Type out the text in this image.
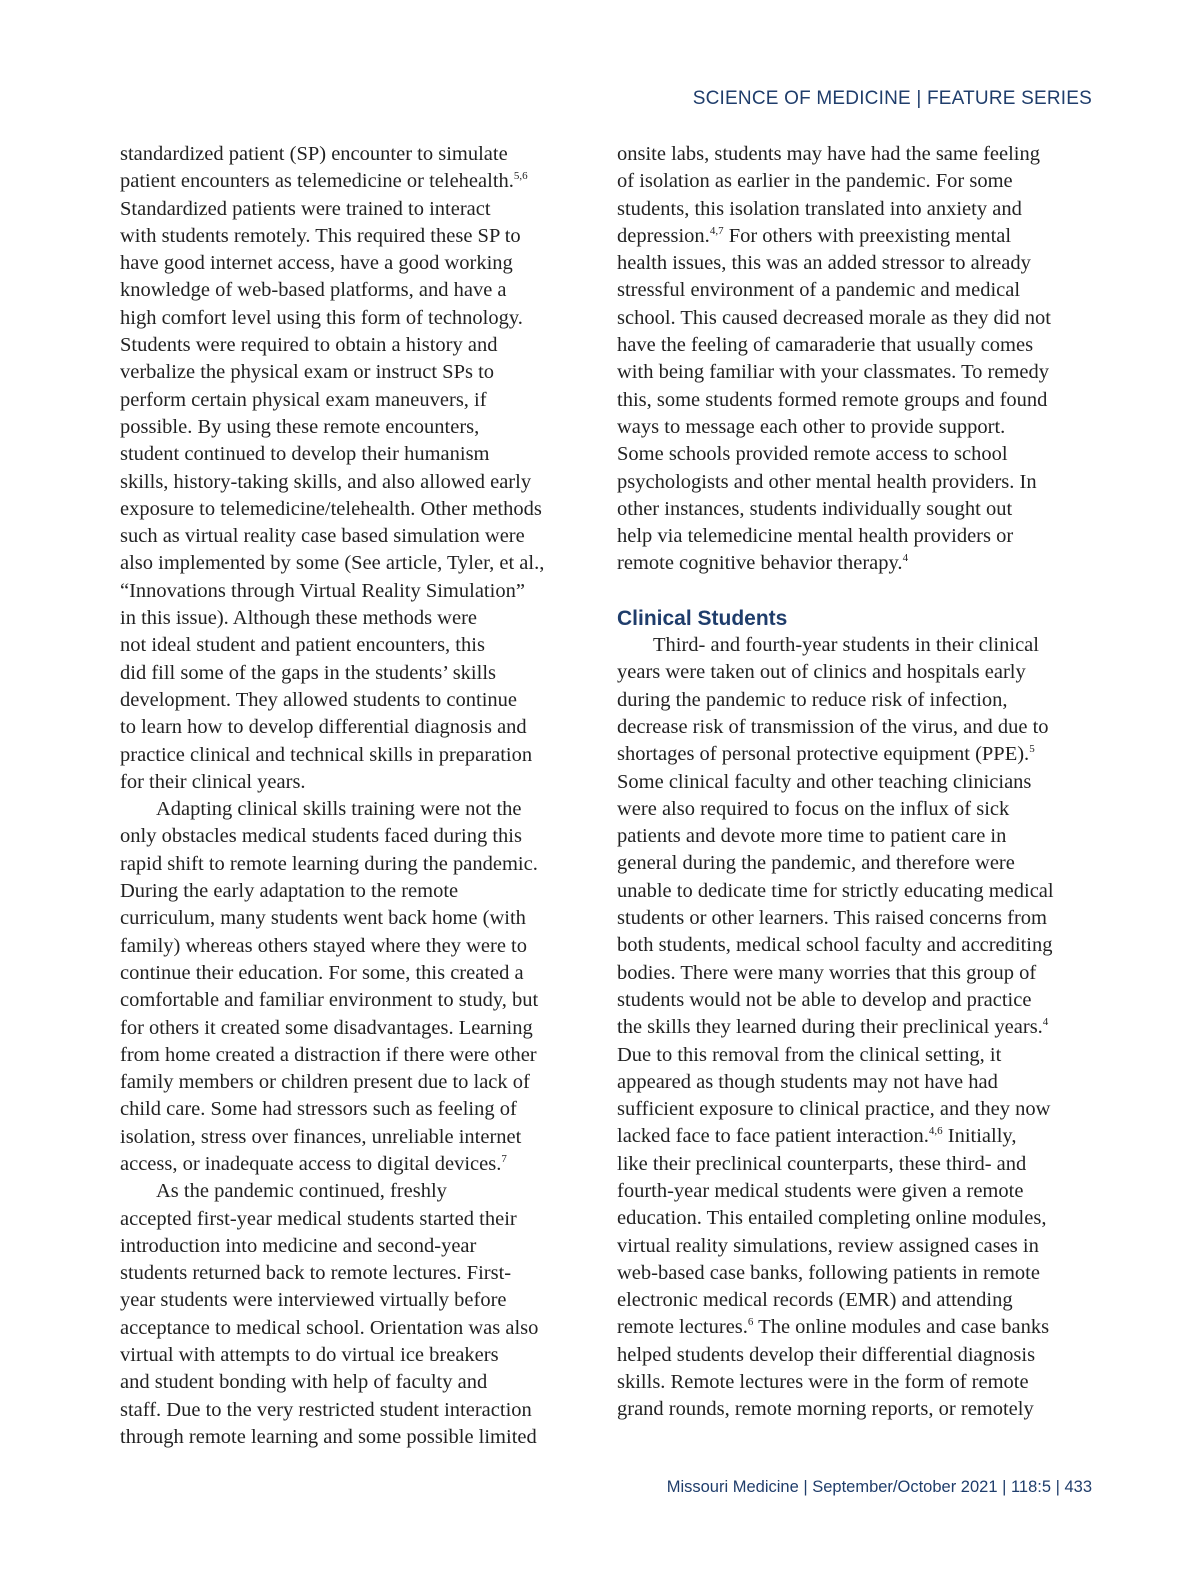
SCIENCE OF MEDICINE | FEATURE SERIES
standardized patient (SP) encounter to simulate
patient encounters as telemedicine or telehealth.$^{5,6}$
Standardized patients were trained to interact
with students remotely. This required these SP to
have good internet access, have a good working
knowledge of web-based platforms, and have a
high comfort level using this form of technology.
Students were required to obtain a history and
verbalize the physical exam or instruct SPs to
perform certain physical exam maneuvers, if
possible. By using these remote encounters,
student continued to develop their humanism
skills, history-taking skills, and also allowed early
exposure to telemedicine/telehealth. Other methods
such as virtual reality case based simulation were
also implemented by some (See article, Tyler, et al.,
“Innovations through Virtual Reality Simulation”
in this issue). Although these methods were
not ideal student and patient encounters, this
did fill some of the gaps in the students’ skills
development. They allowed students to continue
to learn how to develop differential diagnosis and
practice clinical and technical skills in preparation
for their clinical years.
Adapting clinical skills training were not the
only obstacles medical students faced during this
rapid shift to remote learning during the pandemic.
During the early adaptation to the remote
curriculum, many students went back home (with
family) whereas others stayed where they were to
continue their education. For some, this created a
comfortable and familiar environment to study, but
for others it created some disadvantages. Learning
from home created a distraction if there were other
family members or children present due to lack of
child care. Some had stressors such as feeling of
isolation, stress over finances, unreliable internet
access, or inadequate access to digital devices.$^7$
As the pandemic continued, freshly
accepted first-year medical students started their
introduction into medicine and second-year
students returned back to remote lectures. First-
year students were interviewed virtually before
acceptance to medical school. Orientation was also
virtual with attempts to do virtual ice breakers
and student bonding with help of faculty and
staff. Due to the very restricted student interaction
through remote learning and some possible limited
onsite labs, students may have had the same feeling
of isolation as earlier in the pandemic. For some
students, this isolation translated into anxiety and
depression.$^{4,7}$ For others with preexisting mental
health issues, this was an added stressor to already
stressful environment of a pandemic and medical
school. This caused decreased morale as they did not
have the feeling of camaraderie that usually comes
with being familiar with your classmates. To remedy
this, some students formed remote groups and found
ways to message each other to provide support.
Some schools provided remote access to school
psychologists and other mental health providers. In
other instances, students individually sought out
help via telemedicine mental health providers or
remote cognitive behavior therapy.$^4$
Clinical Students
Third- and fourth-year students in their clinical
years were taken out of clinics and hospitals early
during the pandemic to reduce risk of infection,
decrease risk of transmission of the virus, and due to
shortages of personal protective equipment (PPE).$^5$
Some clinical faculty and other teaching clinicians
were also required to focus on the influx of sick
patients and devote more time to patient care in
general during the pandemic, and therefore were
unable to dedicate time for strictly educating medical
students or other learners. This raised concerns from
both students, medical school faculty and accrediting
bodies. There were many worries that this group of
students would not be able to develop and practice
the skills they learned during their preclinical years.$^4$
Due to this removal from the clinical setting, it
appeared as though students may not have had
sufficient exposure to clinical practice, and they now
lacked face to face patient interaction.$^{4,6}$ Initially,
like their preclinical counterparts, these third- and
fourth-year medical students were given a remote
education. This entailed completing online modules,
virtual reality simulations, review assigned cases in
web-based case banks, following patients in remote
electronic medical records (EMR) and attending
remote lectures.$^6$ The online modules and case banks
helped students develop their differential diagnosis
skills. Remote lectures were in the form of remote
grand rounds, remote morning reports, or remotely
Missouri Medicine | September/October 2021 | 118:5 | 433
